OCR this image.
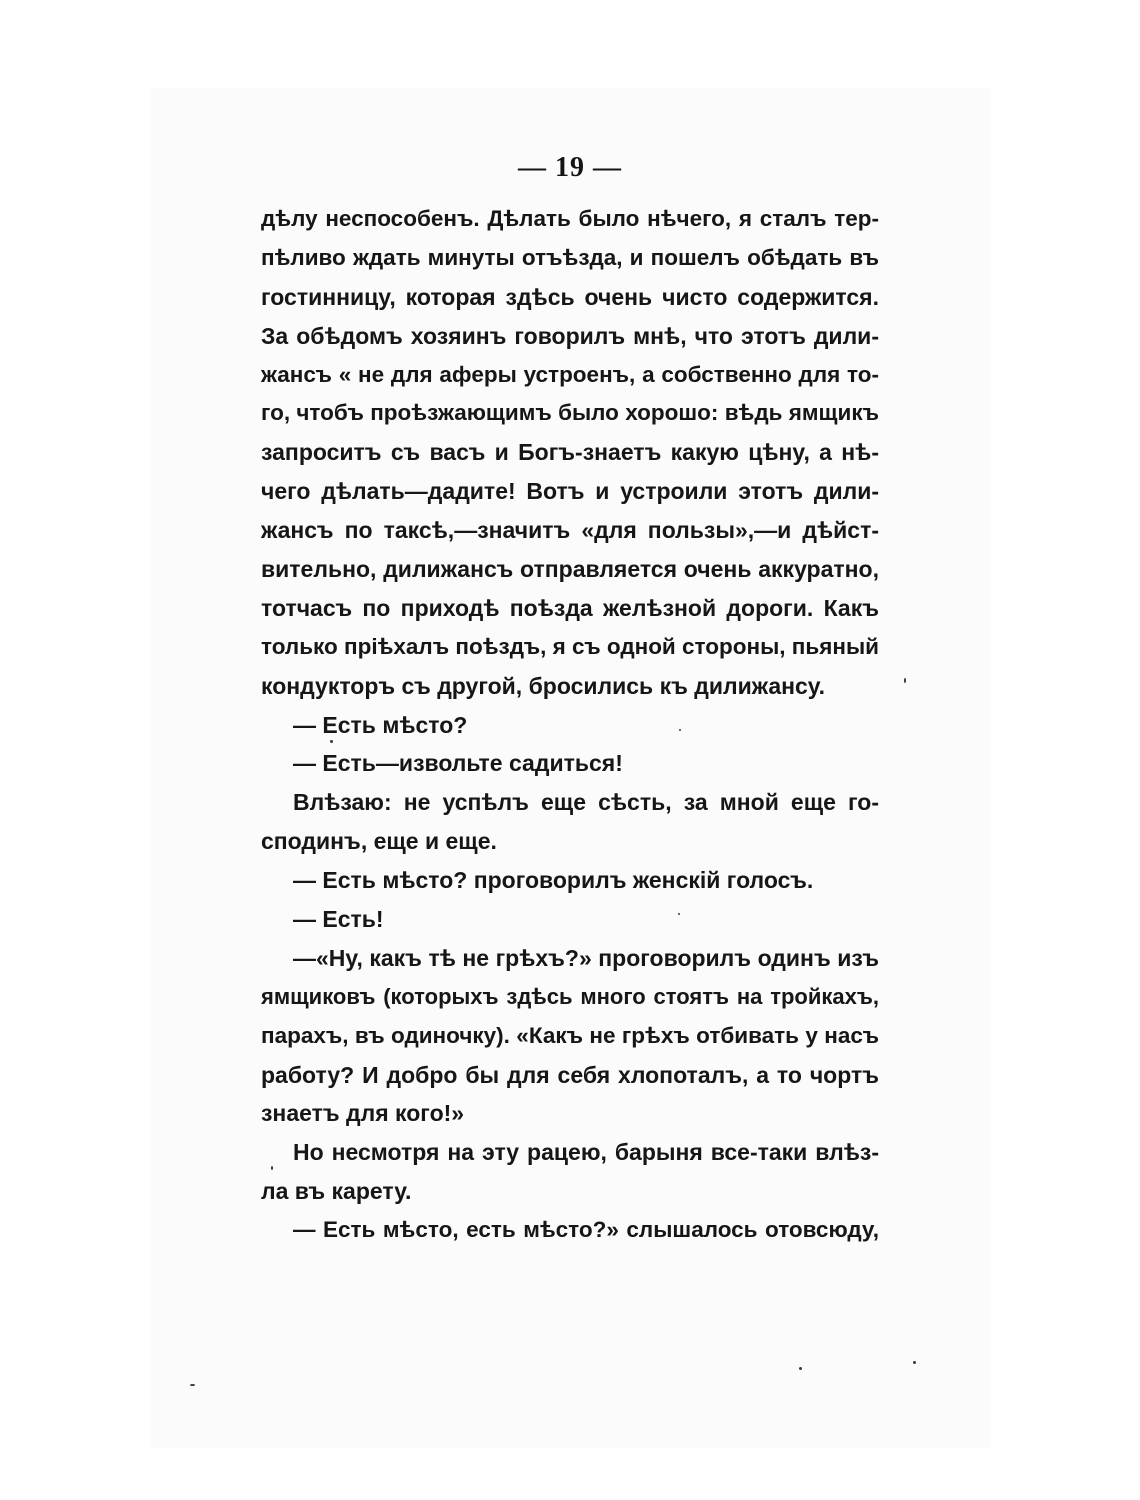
— 19 —
дѣлу неспособенъ. Дѣлать было нѣчего, я сталъ тер-
пѣливо ждать минуты отъѣзда, и пошелъ обѣдать въ
гостинницу, которая здѣсь очень чисто содержится.
За обѣдомъ хозяинъ говорилъ мнѣ, что этотъ дили-
жансъ « не для аферы устроенъ, а собственно для то-
го, чтобъ проѣзжающимъ было хорошо: вѣдь ямщикъ
запроситъ съ васъ и Богъ-знаетъ какую цѣну, а нѣ-
чего дѣлать—дадите! Вотъ и устроили этотъ дили-
жансъ по таксѣ,—значитъ «для пользы»,—и дѣйст-
вительно, дилижансъ отправляется очень аккуратно,
тотчасъ по приходѣ поѣзда желѣзной дороги. Какъ
только прiѣхалъ поѣздъ, я съ одной стороны, пьяный
кондукторъ съ другой, бросились къ дилижансу.
— Есть мѣсто?
— Есть—извольте садиться!
Влѣзаю: не успѣлъ еще сѣсть, за мной еще го-
сподинъ, еще и еще.
— Есть мѣсто? проговорилъ женскiй голосъ.
— Есть!
—«Ну, какъ тѣ не грѣхъ?» проговорилъ одинъ изъ
ямщиковъ (которыхъ здѣсь много стоятъ на тройкахъ,
парахъ, въ одиночку). «Какъ не грѣхъ отбивать у насъ
работу? И добро бы для себя хлопоталъ, а то чортъ
знаетъ для кого!»
Но несмотря на эту рацею, барыня все-таки влѣз-
ла въ карету.
— Есть мѣсто, есть мѣсто?» слышалось отовсюду,
